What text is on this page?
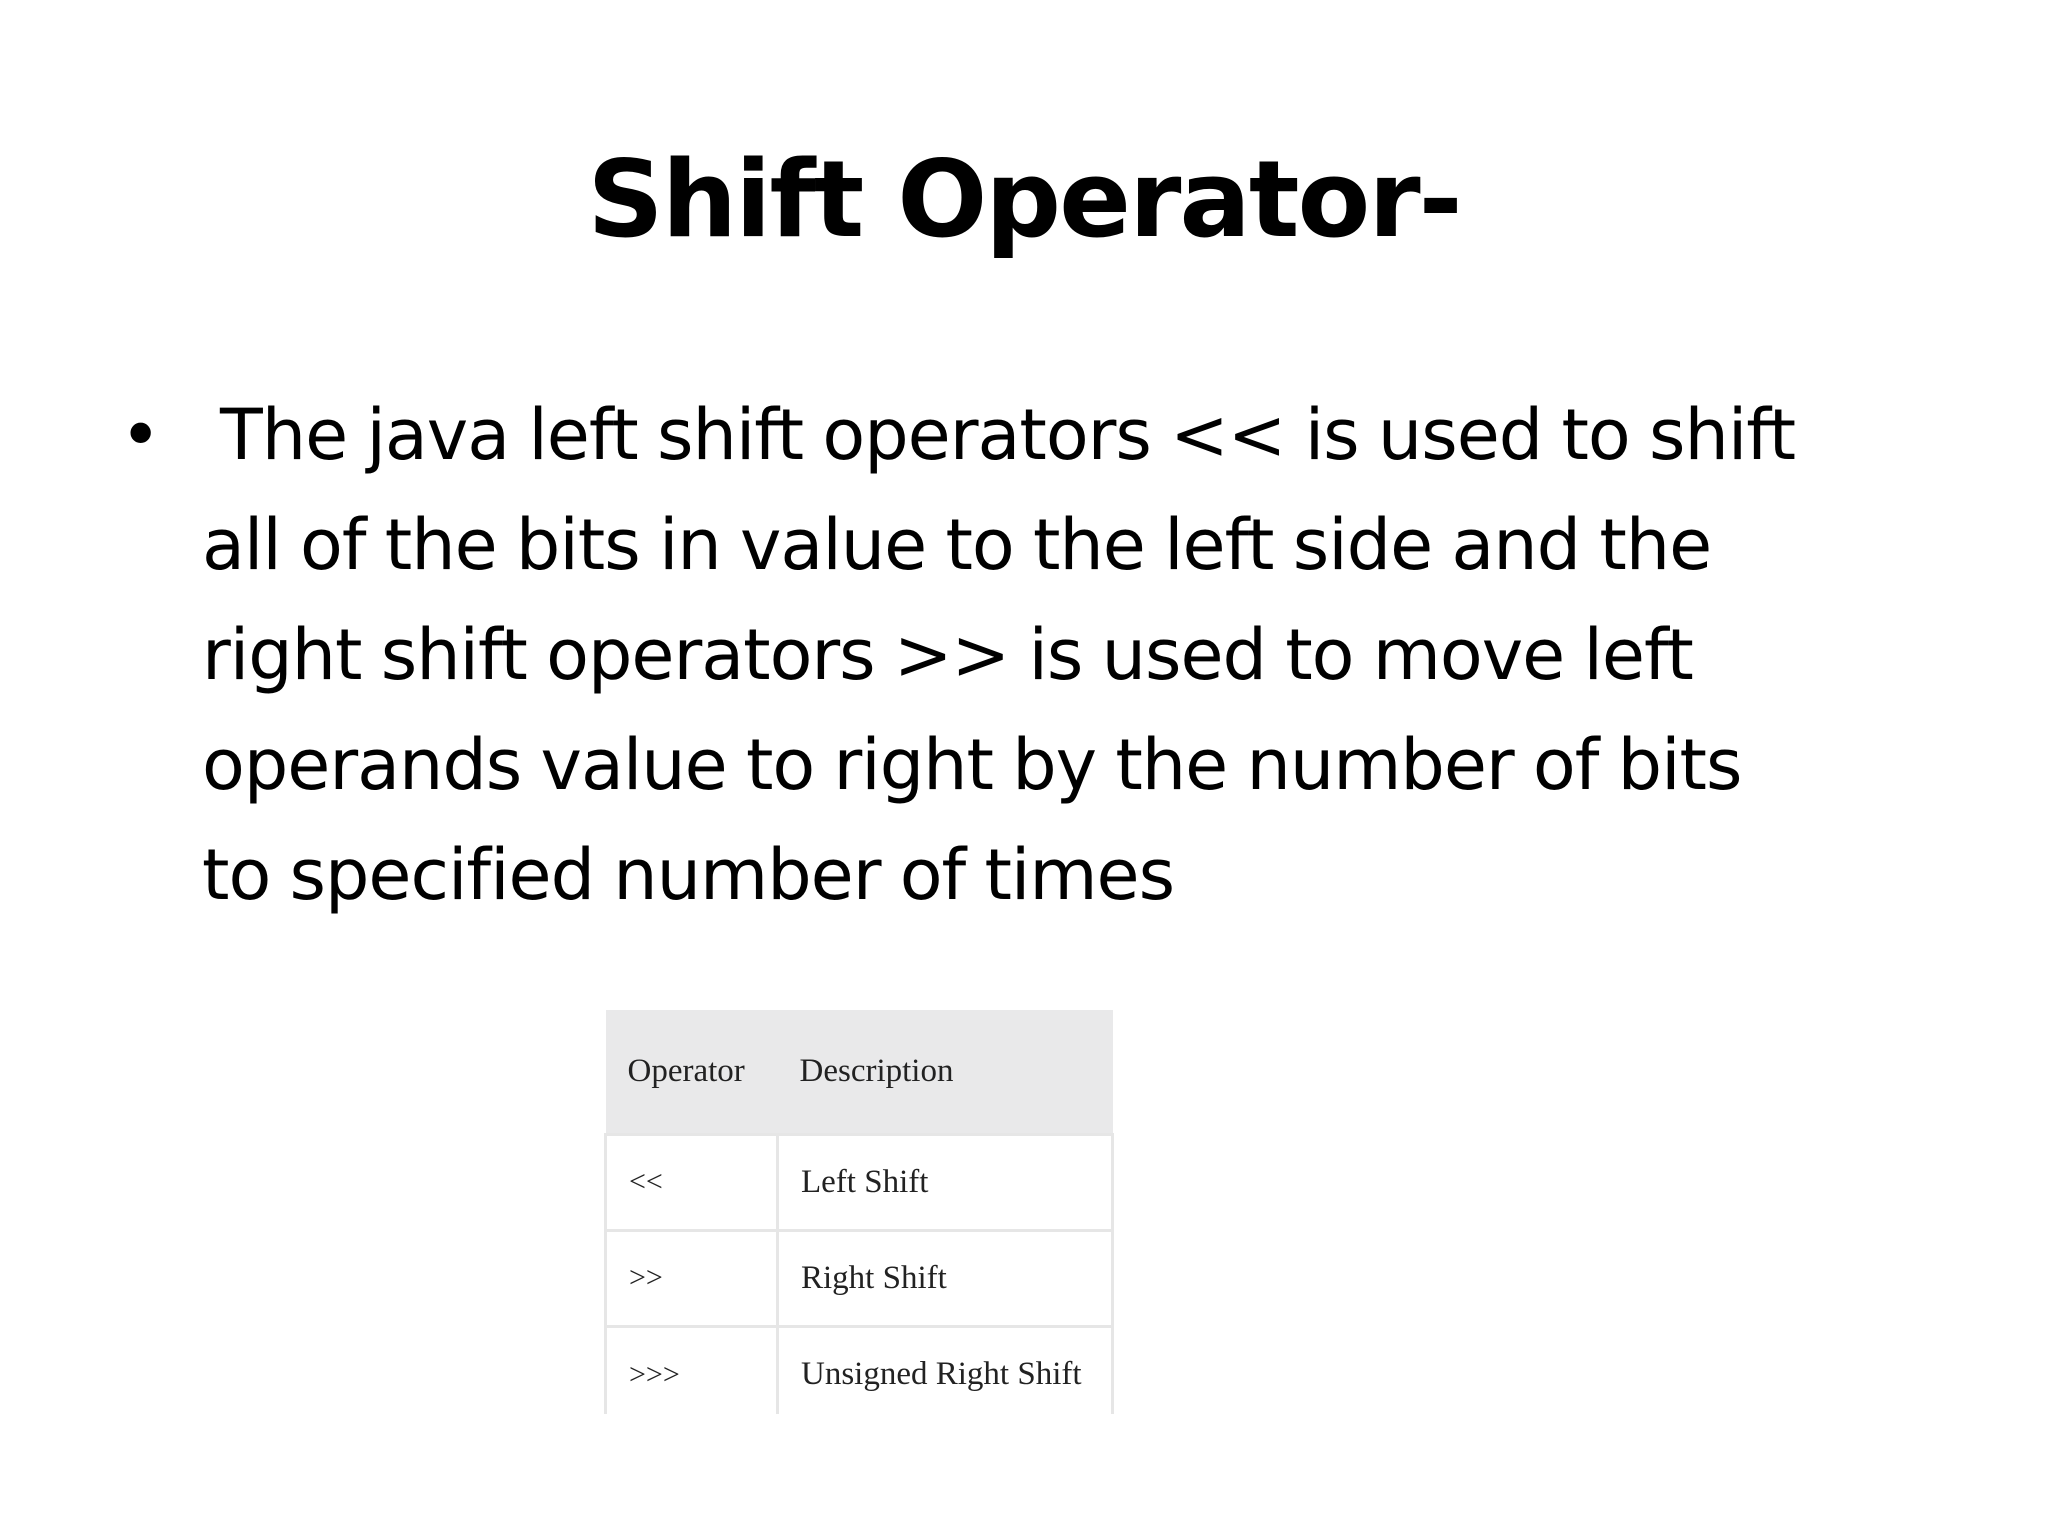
Shift Operator-
• The java left shift operators << is used to shift
all of the bits in value to the left side and the
right shift operators >> is used to move left
operands value to right by the number of bits
to specified number of times
Operator	Description
<<	Left Shift
>>	Right Shift
>>>	Unsigned Right Shift
